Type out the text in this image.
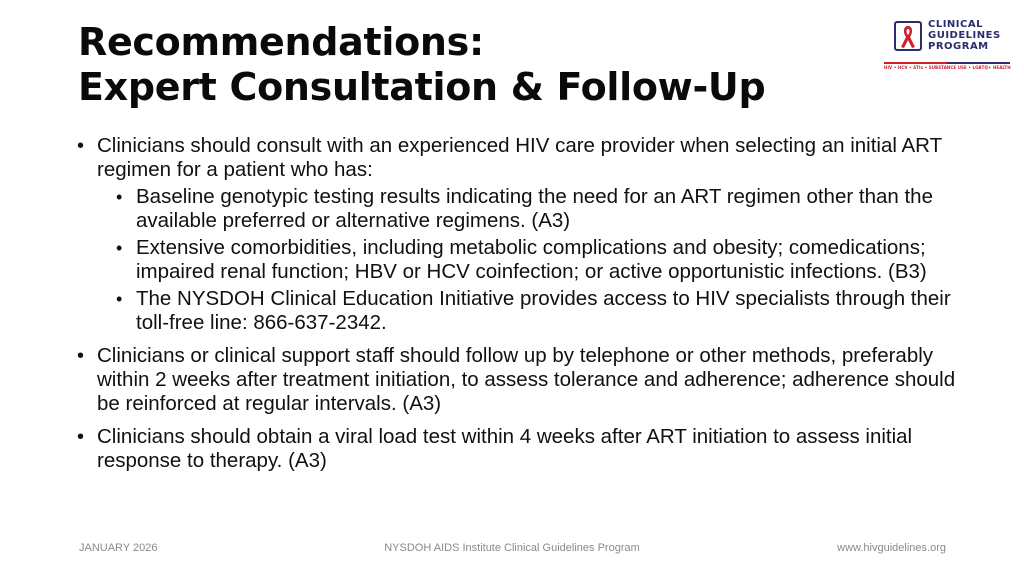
Recommendations:
Expert Consultation & Follow-Up
CLINICAL
GUIDELINES
PROGRAM
HIV • HCV • STIs • SUBSTANCE USE • LGBTQ+ HEALTH
• Clinicians should consult with an experienced HIV care provider when selecting an initial ART regimen for a patient who has:
• Baseline genotypic testing results indicating the need for an ART regimen other than the available preferred or alternative regimens. (A3)
• Extensive comorbidities, including metabolic complications and obesity; comedications; impaired renal function; HBV or HCV coinfection; or active opportunistic infections. (B3)
• The NYSDOH Clinical Education Initiative provides access to HIV specialists through their toll-free line: 866-637-2342.
• Clinicians or clinical support staff should follow up by telephone or other methods, preferably within 2 weeks after treatment initiation, to assess tolerance and adherence; adherence should be reinforced at regular intervals. (A3)
• Clinicians should obtain a viral load test within 4 weeks after ART initiation to assess initial response to therapy. (A3)
JANUARY 2026	NYSDOH AIDS Institute Clinical Guidelines Program	www.hivguidelines.org
